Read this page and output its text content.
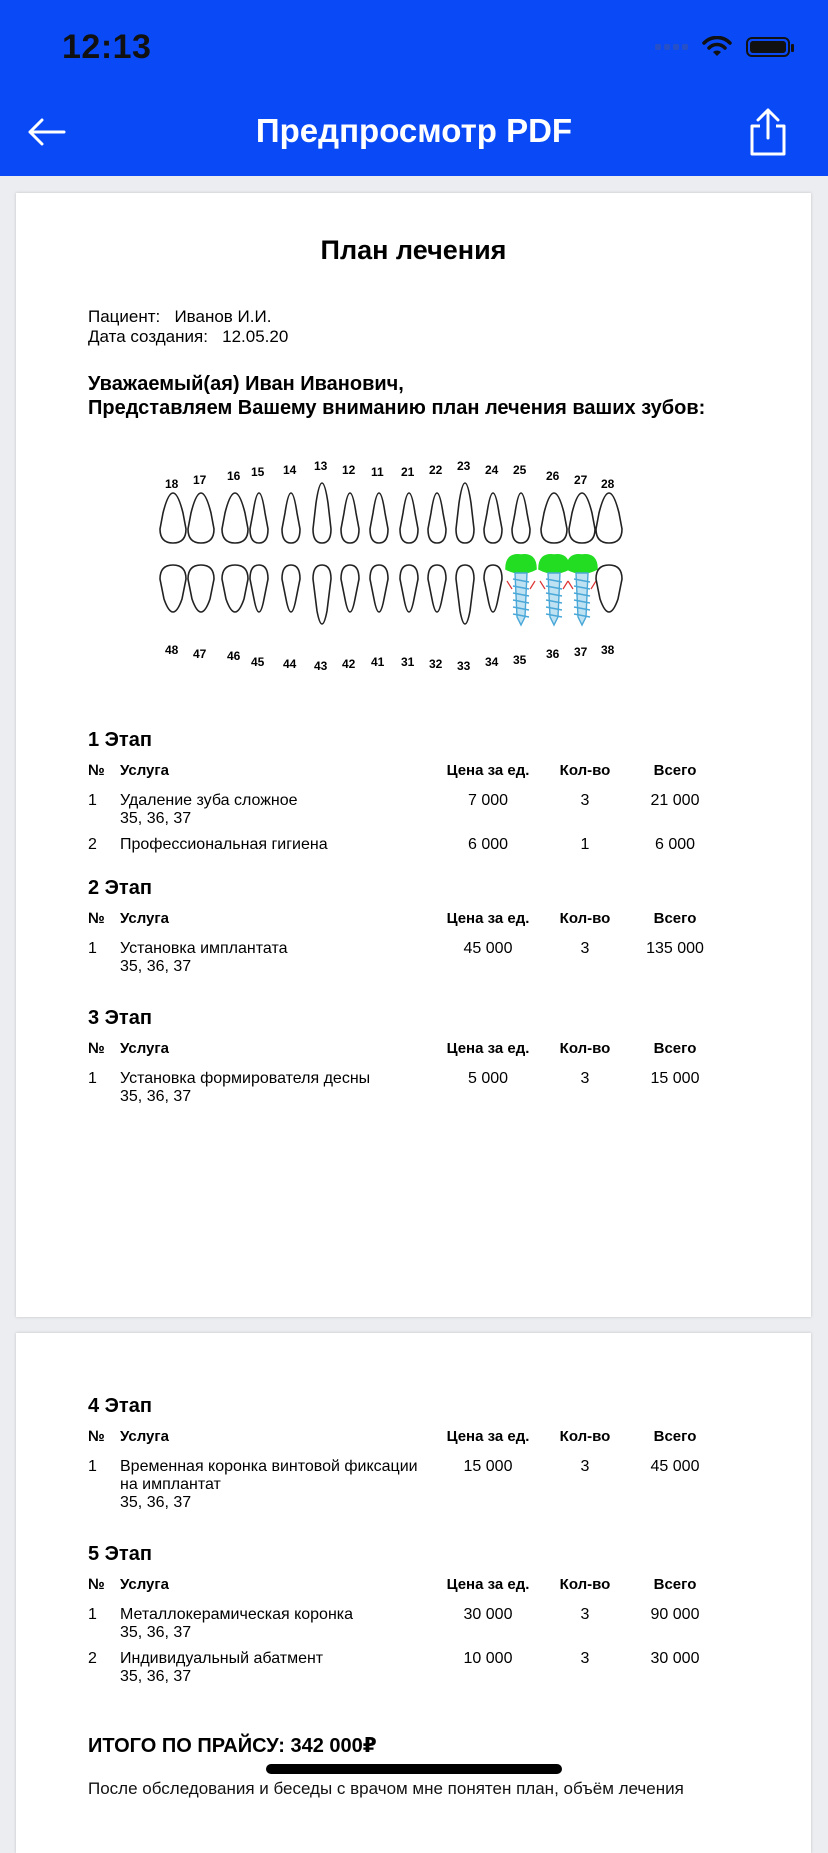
12:13
Предпросмотр PDF
План лечения
Пациент: Иванов И.И.
Дата создания: 12.05.20
Уважаемый(ая) Иван Иванович,
Представляем Вашему вниманию план лечения ваших зубов:
18 17 16 15 14 13 12 11 21 22 23 24 25 26 27 28
48 47 46 45 44 43 42 41 31 32 33 34 35 36 37 38
1 Этап
№ Услуга	Цена за ед.	Кол-во	Всего
1 Удаление зуба сложное
35, 36, 37
7 000	3	21 000
2 Профессиональная гигиена	6 000	1	6 000
2 Этап
№ Услуга	Цена за ед.	Кол-во	Всего
1 Установка имплантата
35, 36, 37
45 000	3	135 000
3 Этап
№ Услуга	Цена за ед.	Кол-во	Всего
1 Установка формирователя десны
35, 36, 37
5 000	3	15 000
4 Этап
№ Услуга	Цена за ед.	Кол-во	Всего
1 Временная коронка винтовой фиксации
на имплантат
35, 36, 37
15 000	3	45 000
5 Этап
№ Услуга	Цена за ед.	Кол-во	Всего
1 Металлокерамическая коронка
35, 36, 37
30 000	3	90 000
2 Индивидуальный абатмент
35, 36, 37
10 000	3	30 000
ИТОГО ПО ПРАЙСУ: 342 000₽
После обследования и беседы с врачом мне понятен план, объём лечения
